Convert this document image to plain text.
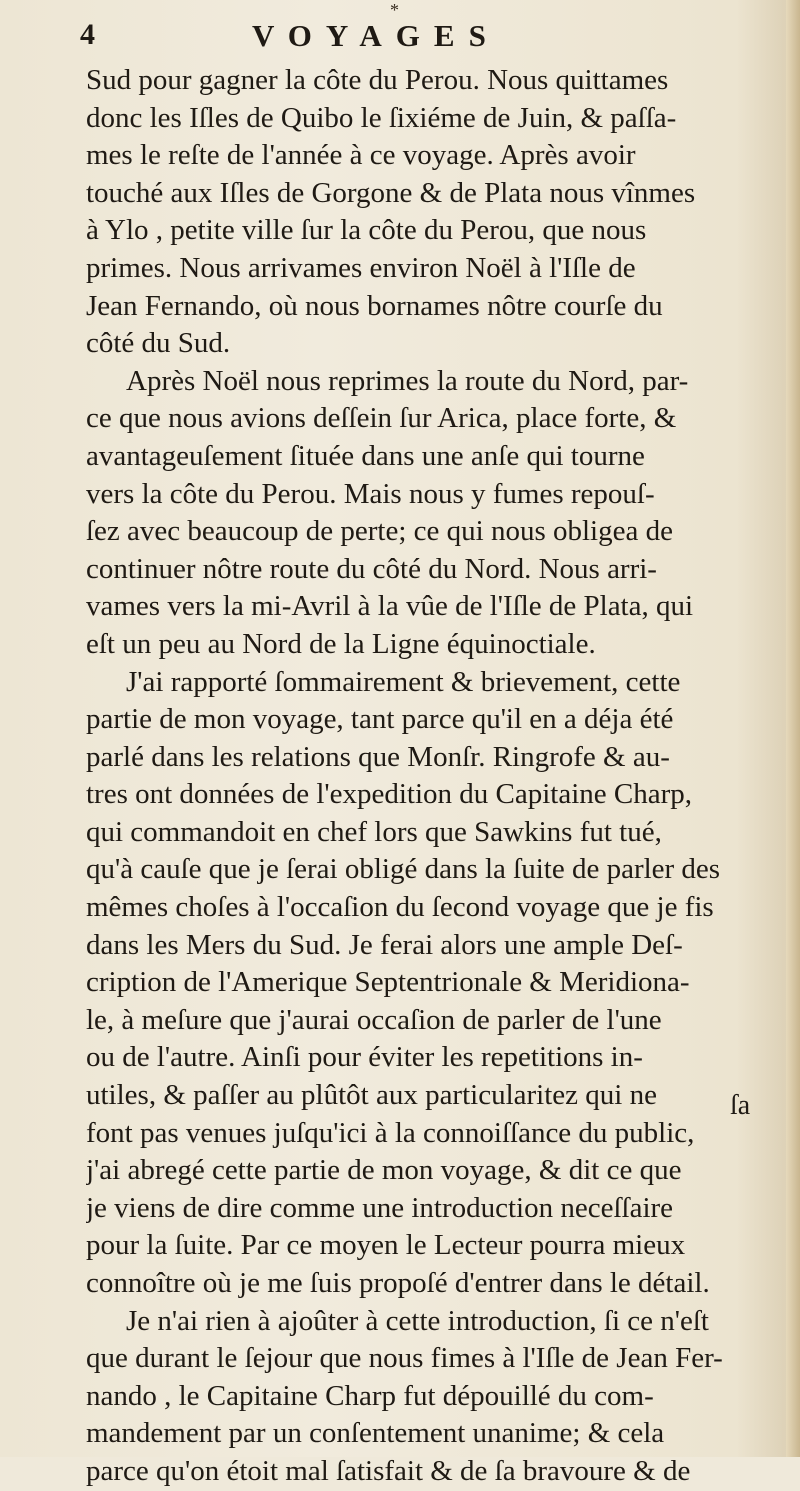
*
4	VOYAGES
Sud pour gagner la côte du Perou. Nous quittames
donc les Iſles de Quibo le ſixiéme de Juin, & paſſa-
mes le reſte de l'année à ce voyage. Après avoir
touché aux Iſles de Gorgone & de Plata nous vînmes
à Ylo , petite ville ſur la côte du Perou, que nous
primes. Nous arrivames environ Noël à l'Iſle de
Jean Fernando, où nous bornames nôtre courſe du
côté du Sud.
Après Noël nous reprimes la route du Nord, par-
ce que nous avions deſſein ſur Arica, place forte, &
avantageuſement ſituée dans une anſe qui tourne
vers la côte du Perou. Mais nous y fumes repouſ-
ſez avec beaucoup de perte; ce qui nous obligea de
continuer nôtre route du côté du Nord. Nous arri-
vames vers la mi-Avril à la vûe de l'Iſle de Plata, qui
eſt un peu au Nord de la Ligne équinoctiale.
J'ai rapporté ſommairement & brievement, cette
partie de mon voyage, tant parce qu'il en a déja été
parlé dans les relations que Monſr. Ringrofe & au-
tres ont données de l'expedition du Capitaine Charp,
qui commandoit en chef lors que Sawkins fut tué,
qu'à cauſe que je ſerai obligé dans la ſuite de parler des
mêmes choſes à l'occaſion du ſecond voyage que je fis
dans les Mers du Sud. Je ferai alors une ample Deſ-
cription de l'Amerique Septentrionale & Meridiona-
le, à meſure que j'aurai occaſion de parler de l'une
ou de l'autre. Ainſi pour éviter les repetitions in-
utiles, & paſſer au plûtôt aux particularitez qui ne
font pas venues juſqu'ici à la connoiſſance du public,
j'ai abregé cette partie de mon voyage, & dit ce que
je viens de dire comme une introduction neceſſaire
pour la ſuite. Par ce moyen le Lecteur pourra mieux
connoître où je me ſuis propoſé d'entrer dans le détail.
Je n'ai rien à ajoûter à cette introduction, ſi ce n'eſt
que durant le ſejour que nous fimes à l'Iſle de Jean Fer-
nando , le Capitaine Charp fut dépouillé du com-
mandement par un conſentement unanime; & cela
parce qu'on étoit mal ſatisfait & de ſa bravoure & de
ſa
